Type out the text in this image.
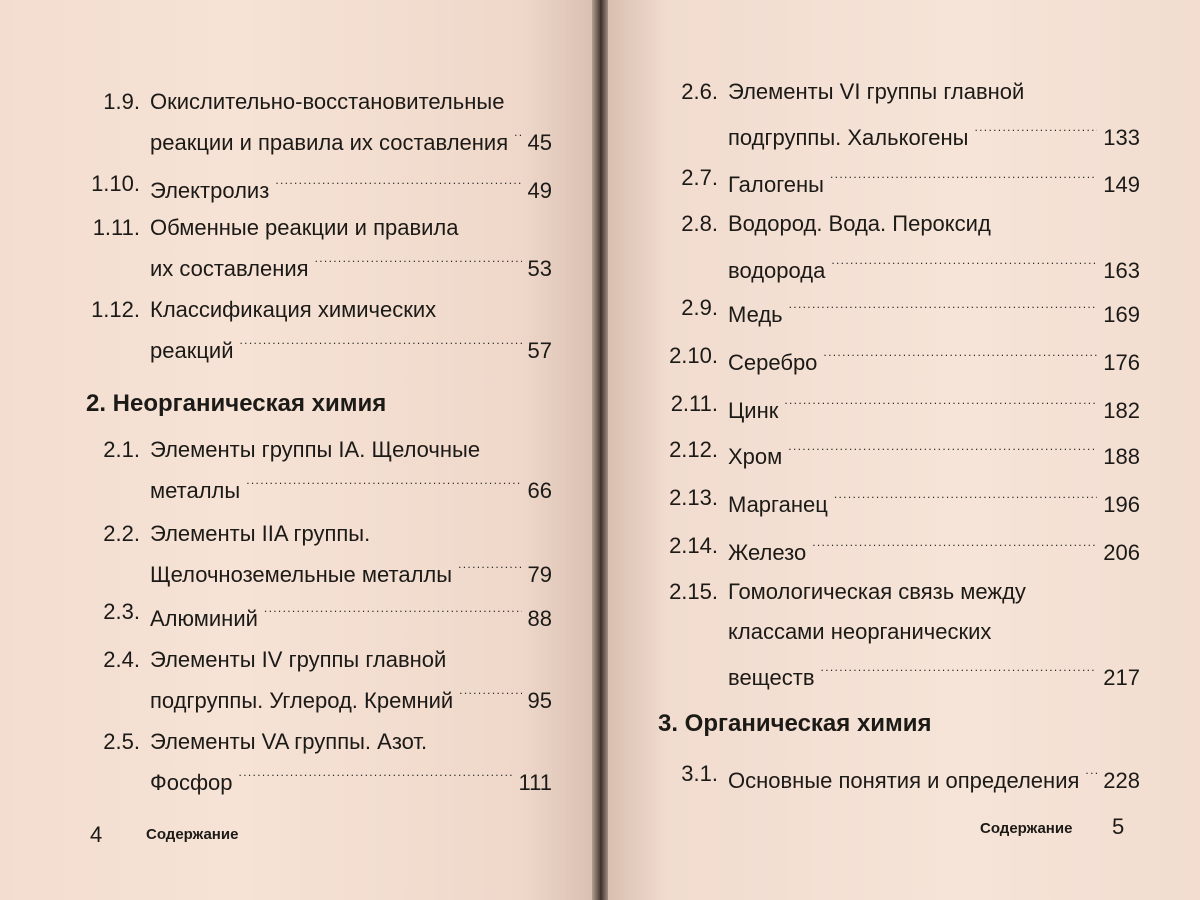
1.9. Окислительно-восстановительные
реакции и правила их составления . . . 45
1.10. Электролиз . . .	49
1.11. Обменные реакции и правила
их составления . . .	53
1.12. Классификация химических
реакций . . .	57
2. Неорганическая химия
2.1. Элементы группы IA. Щелочные
металлы . . .	66
2.2. Элементы IIA группы.
Щелочноземельные металлы . . .	79
2.3. Алюминий . . .	88
2.4. Элементы IV группы главной
подгруппы. Углерод. Кремний . . .	95
2.5. Элементы VA группы. Азот.
Фосфор . . .	111
4	Содержание
2.6. Элементы VI группы главной
подгруппы. Халькогены . . .	133
2.7. Галогены . . .	149
2.8. Водород. Вода. Пероксид
водорода . . .	163
2.9. Медь . . .	169
2.10. Серебро . . .	176
2.11. Цинк . . .	182
2.12. Хром . . .	188
2.13. Марганец . . .	196
2.14. Железо . . .	206
2.15. Гомологическая связь между
классами неорганических
веществ . . .	217
3. Органическая химия
3.1. Основные понятия и определения . . . 228
Содержание 5
